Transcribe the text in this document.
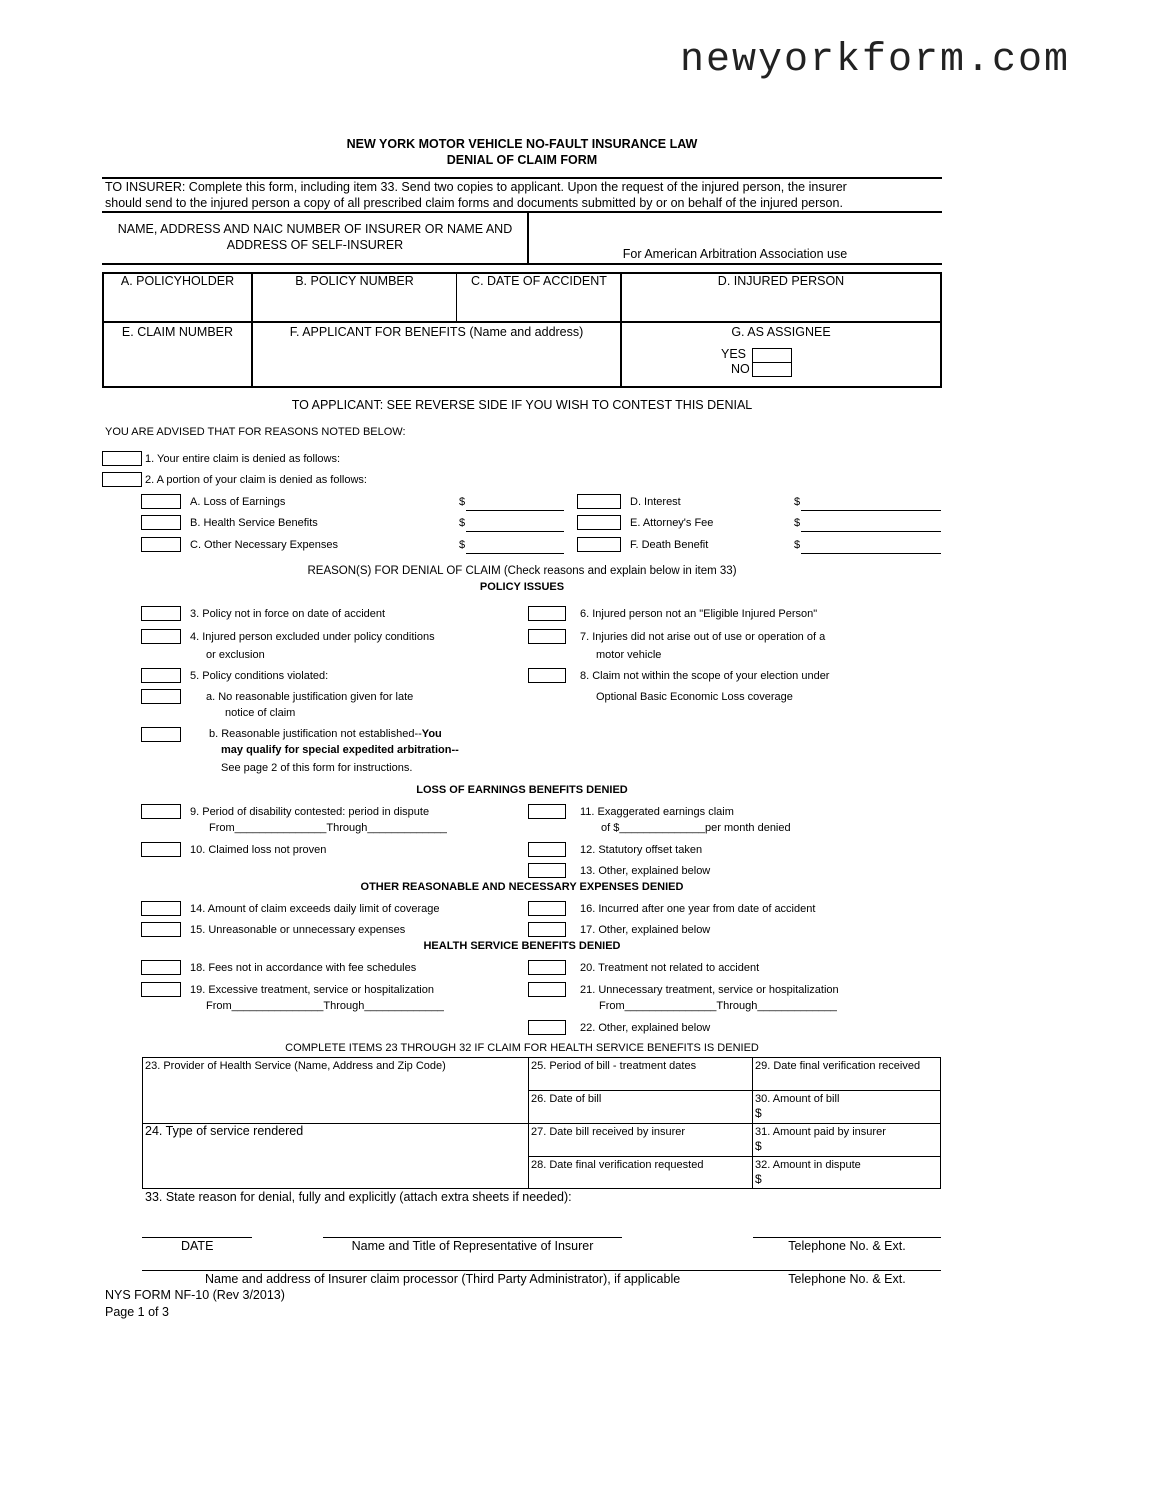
newyorkform.com
NEW YORK MOTOR VEHICLE NO-FAULT INSURANCE LAW
DENIAL OF CLAIM FORM
TO INSURER: Complete this form, including item 33. Send two copies to applicant. Upon the request of the injured person, the insurer
should send to the injured person a copy of all prescribed claim forms and documents submitted by or on behalf of the injured person.
NAME, ADDRESS AND NAIC NUMBER OF INSURER OR NAME AND
ADDRESS OF SELF-INSURER
For American Arbitration Association use
A. POLICYHOLDER	B. POLICY NUMBER	C. DATE OF ACCIDENT	D. INJURED PERSON
E. CLAIM NUMBER	F. APPLICANT FOR BENEFITS (Name and address)	G. AS ASSIGNEE
YES
NO
TO APPLICANT: SEE REVERSE SIDE IF YOU WISH TO CONTEST THIS DENIAL
YOU ARE ADVISED THAT FOR REASONS NOTED BELOW:
1. Your entire claim is denied as follows:
2. A portion of your claim is denied as follows:
A. Loss of Earnings	$
B. Health Service Benefits	$
C. Other Necessary Expenses	$
D. Interest	$
E. Attorney's Fee	$
F. Death Benefit	$
REASON(S) FOR DENIAL OF CLAIM (Check reasons and explain below in item 33)
POLICY ISSUES
3. Policy not in force on date of accident
4. Injured person excluded under policy conditions
or exclusion
5. Policy conditions violated:
a. No reasonable justification given for late
notice of claim
b. Reasonable justification not established--You
may qualify for special expedited arbitration--
See page 2 of this form for instructions.
6. Injured person not an "Eligible Injured Person"
7. Injuries did not arise out of use or operation of a
motor vehicle
8. Claim not within the scope of your election under
Optional Basic Economic Loss coverage
LOSS OF EARNINGS BENEFITS DENIED
9. Period of disability contested: period in dispute
From_______________Through_____________
10. Claimed loss not proven
11. Exaggerated earnings claim
of $______________per month denied
12. Statutory offset taken
13. Other, explained below
OTHER REASONABLE AND NECESSARY EXPENSES DENIED
14. Amount of claim exceeds daily limit of coverage
15. Unreasonable or unnecessary expenses
16. Incurred after one year from date of accident
17. Other, explained below
HEALTH SERVICE BENEFITS DENIED
18. Fees not in accordance with fee schedules
19. Excessive treatment, service or hospitalization
From_______________Through_____________
20. Treatment not related to accident
21. Unnecessary treatment, service or hospitalization
From_______________Through_____________
22. Other, explained below
COMPLETE ITEMS 23 THROUGH 32 IF CLAIM FOR HEALTH SERVICE BENEFITS IS DENIED
23. Provider of Health Service (Name, Address and Zip Code)
24. Type of service rendered
25. Period of bill - treatment dates
26. Date of bill
27. Date bill received by insurer
28. Date final verification requested
29. Date final verification received
30. Amount of bill
$
31. Amount paid by insurer
$
32. Amount in dispute
$
33. State reason for denial, fully and explicitly (attach extra sheets if needed):
DATE	Name and Title of Representative of Insurer	Telephone No. & Ext.
Name and address of Insurer claim processor (Third Party Administrator), if applicable	Telephone No. & Ext.
NYS FORM NF-10 (Rev 3/2013)
Page 1 of 3
